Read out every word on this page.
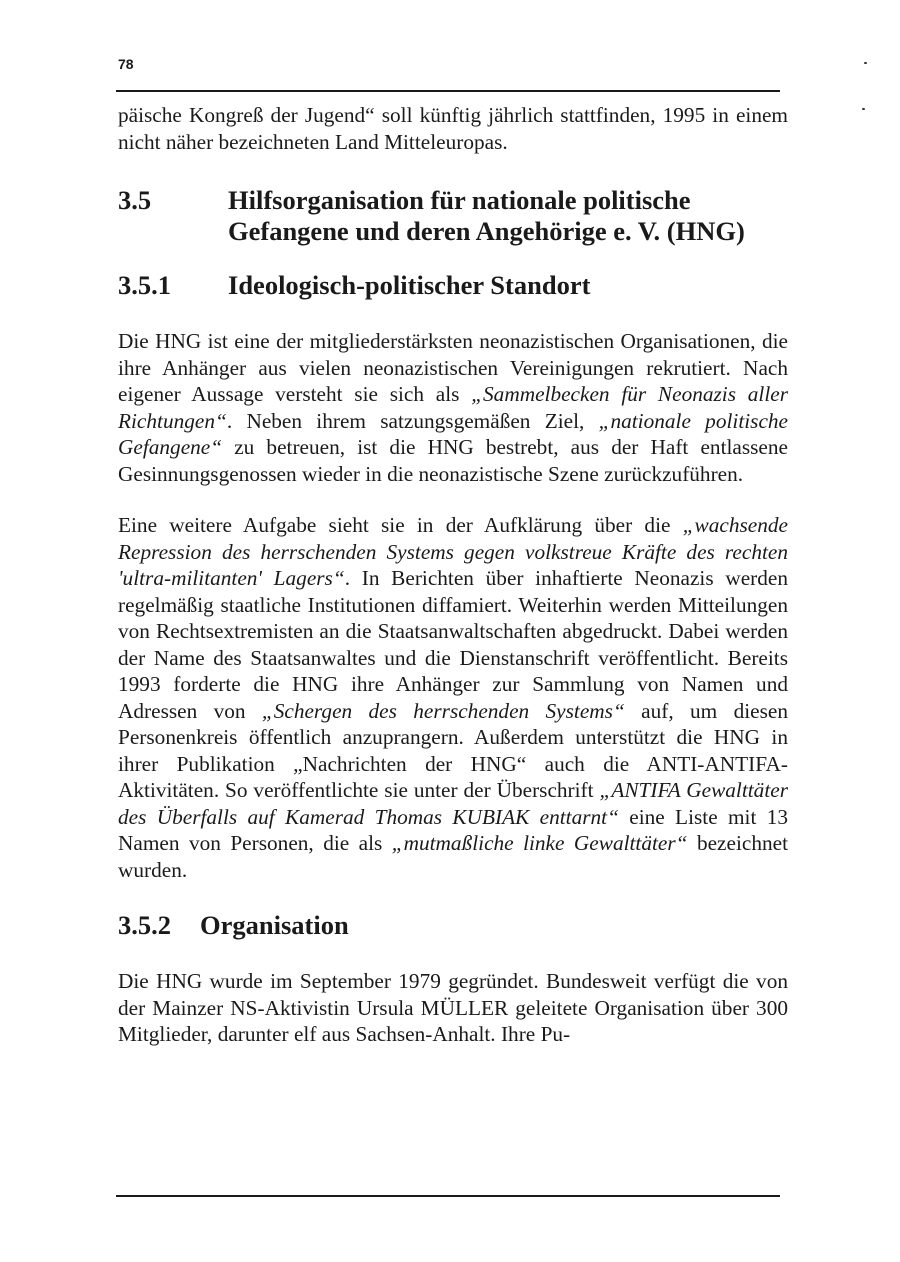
78

päische Kongreß der Jugend“ soll künftig jährlich stattfinden, 1995 in einem nicht näher bezeichneten Land Mitteleuropas.

3.5	Hilfsorganisation für nationale politische Gefangene und deren Angehörige e. V. (HNG)
3.5.1	Ideologisch-politischer Standort

Die HNG ist eine der mitgliederstärksten neonazistischen Organisationen, die ihre Anhänger aus vielen neonazistischen Vereinigungen rekrutiert. Nach eigener Aussage versteht sie sich als „Sammelbecken für Neonazis aller Richtungen“. Neben ihrem satzungsgemäßen Ziel, „nationale politische Gefangene“ zu betreuen, ist die HNG bestrebt, aus der Haft entlassene Gesinnungsgenossen wieder in die neonazistische Szene zurückzuführen.

Eine weitere Aufgabe sieht sie in der Aufklärung über die „wachsende Repression des herrschenden Systems gegen volkstreue Kräfte des rechten 'ultra-militanten' Lagers“. In Berichten über inhaftierte Neonazis werden regelmäßig staatliche Institutionen diffamiert. Weiterhin werden Mitteilungen von Rechtsextremisten an die Staatsanwaltschaften abgedruckt. Dabei werden der Name des Staatsanwaltes und die Dienstanschrift veröffentlicht. Bereits 1993 forderte die HNG ihre Anhänger zur Sammlung von Namen und Adressen von „Schergen des herrschenden Systems“ auf, um diesen Personenkreis öffentlich anzuprangern. Außerdem unterstützt die HNG in ihrer Publikation „Nachrichten der HNG“ auch die ANTI-ANTIFA-Aktivitäten. So veröffentlichte sie unter der Überschrift „ANTIFA Gewalttäter des Überfalls auf Kamerad Thomas KUBIAK enttarnt“ eine Liste mit 13 Namen von Personen, die als „mutmaßliche linke Gewalttäter“ bezeichnet wurden.

3.5.2	Organisation

Die HNG wurde im September 1979 gegründet. Bundesweit verfügt die von der Mainzer NS-Aktivistin Ursula MÜLLER geleitete Organisation über 300 Mitglieder, darunter elf aus Sachsen-Anhalt. Ihre Pu-
